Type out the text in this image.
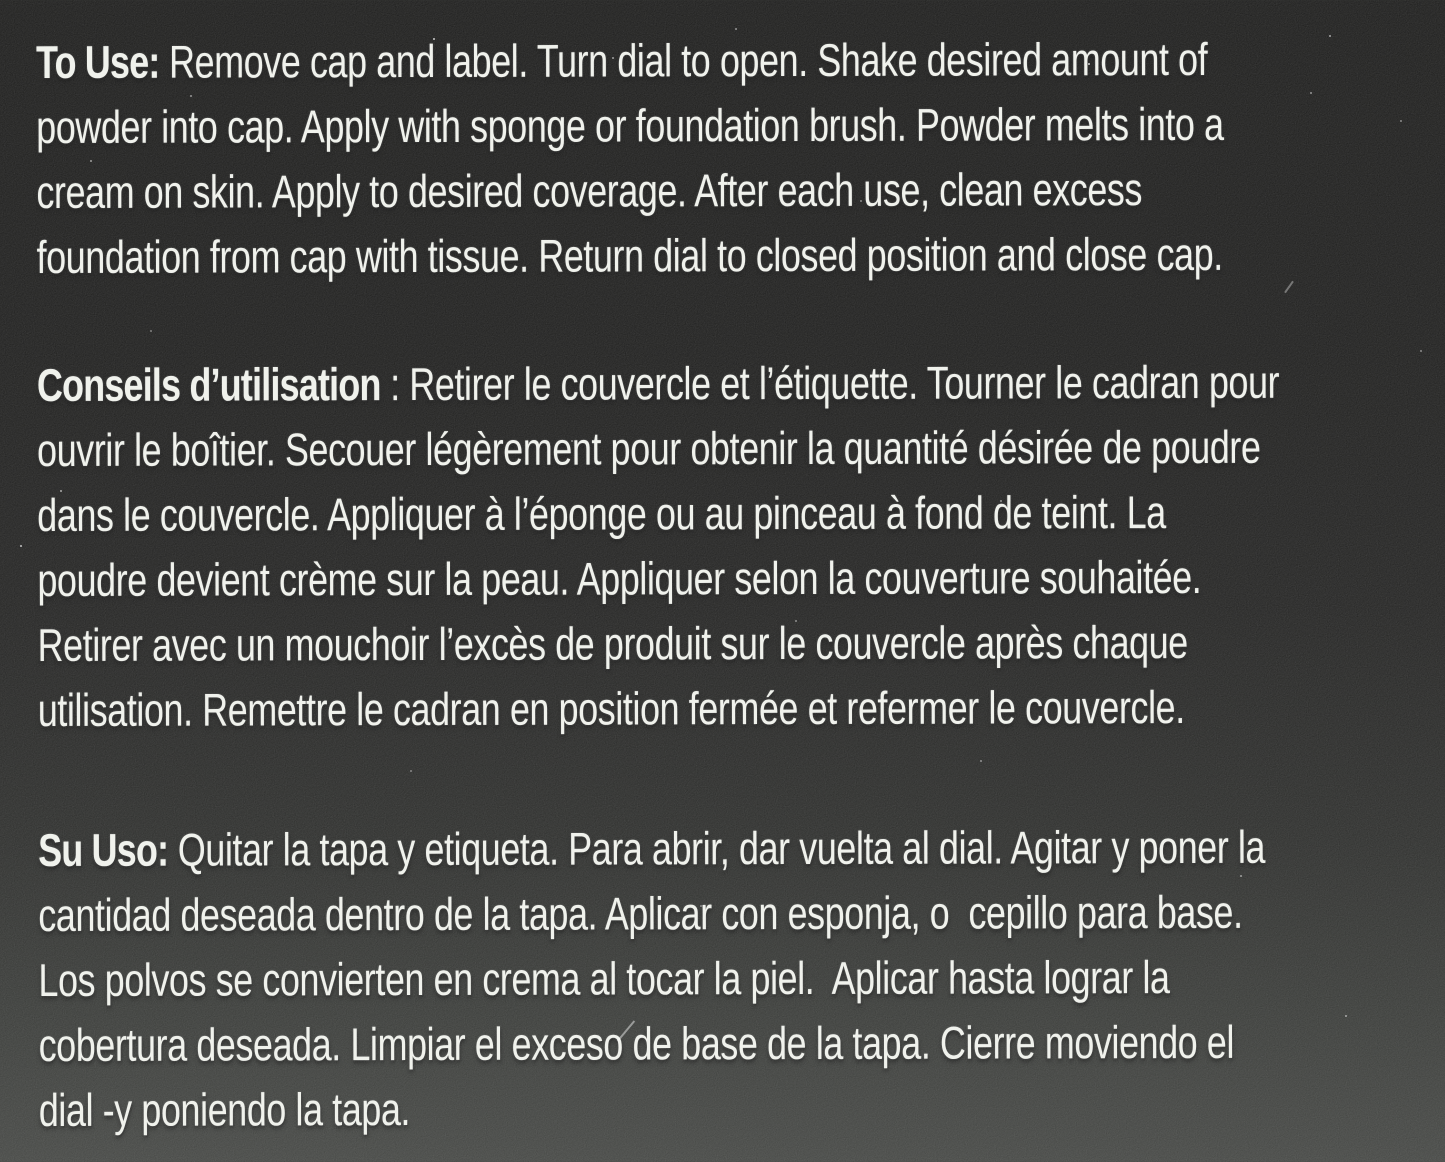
To Use: Remove cap and label. Turn dial to open. Shake desired amount of
powder into cap. Apply with sponge or foundation brush. Powder melts into a
cream on skin. Apply to desired coverage. After each use, clean excess
foundation from cap with tissue. Return dial to closed position and close cap.
Conseils d’utilisation : Retirer le couvercle et l’étiquette. Tourner le cadran pour
ouvrir le boîtier. Secouer légèrement pour obtenir la quantité désirée de poudre
dans le couvercle. Appliquer à l’éponge ou au pinceau à fond de teint. La
poudre devient crème sur la peau. Appliquer selon la couverture souhaitée.
Retirer avec un mouchoir l’excès de produit sur le couvercle après chaque
utilisation. Remettre le cadran en position fermée et refermer le couvercle.
Su Uso: Quitar la tapa y etiqueta. Para abrir, dar vuelta al dial. Agitar y poner la
cantidad deseada dentro de la tapa. Aplicar con esponja, o  cepillo para base.
Los polvos se convierten en crema al tocar la piel.  Aplicar hasta lograr la
cobertura deseada. Limpiar el exceso de base de la tapa. Cierre moviendo el
dial -y poniendo la tapa.
